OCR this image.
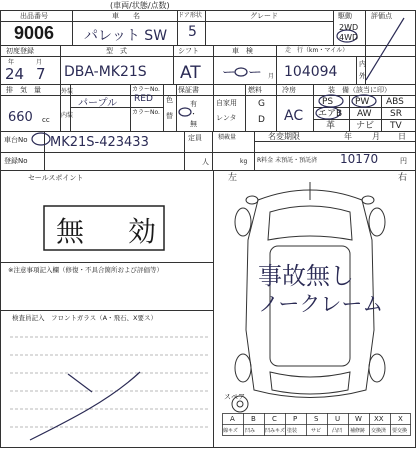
(車両/状態/点数)
出品番号
9006
車　　名
パレット SW
ドア形状
5
グレード	駆動
2WD
4WD
評価点
初度登録
年	月
24 7
型　式
DBA-MK21S
シフト
AT
車　検
ー ー 月
走　行（km・マイル）
104094	内
外
排　気　量
660 cc
外装
内装
パープル
カラーNo.
RED
カラーNo.
色
替
保証書
有
・
無
自家用
レンタ
燃料
G
D
冷房
AC
装　備（該当に印）
PS PW ABS
エアB AW SR
革 ナビ TV
車台No MK21S-423433
登録No
定員
人
積載量
kg
名変期限	年	月 日
R料金 未預託・預託済 10170	円
セールスポイント
無　効
※注意事項記入欄（修復・不具合箇所および評価等）
検査員記入　フロントガラス（A・飛石、X要ス）
左	右
事故無し
ノークレーム
スペア
A B C P S U W XX X
線キズ 凹み 凹みキズ 塗装	サビ 凸凹 補修跡 交換済 要交換
